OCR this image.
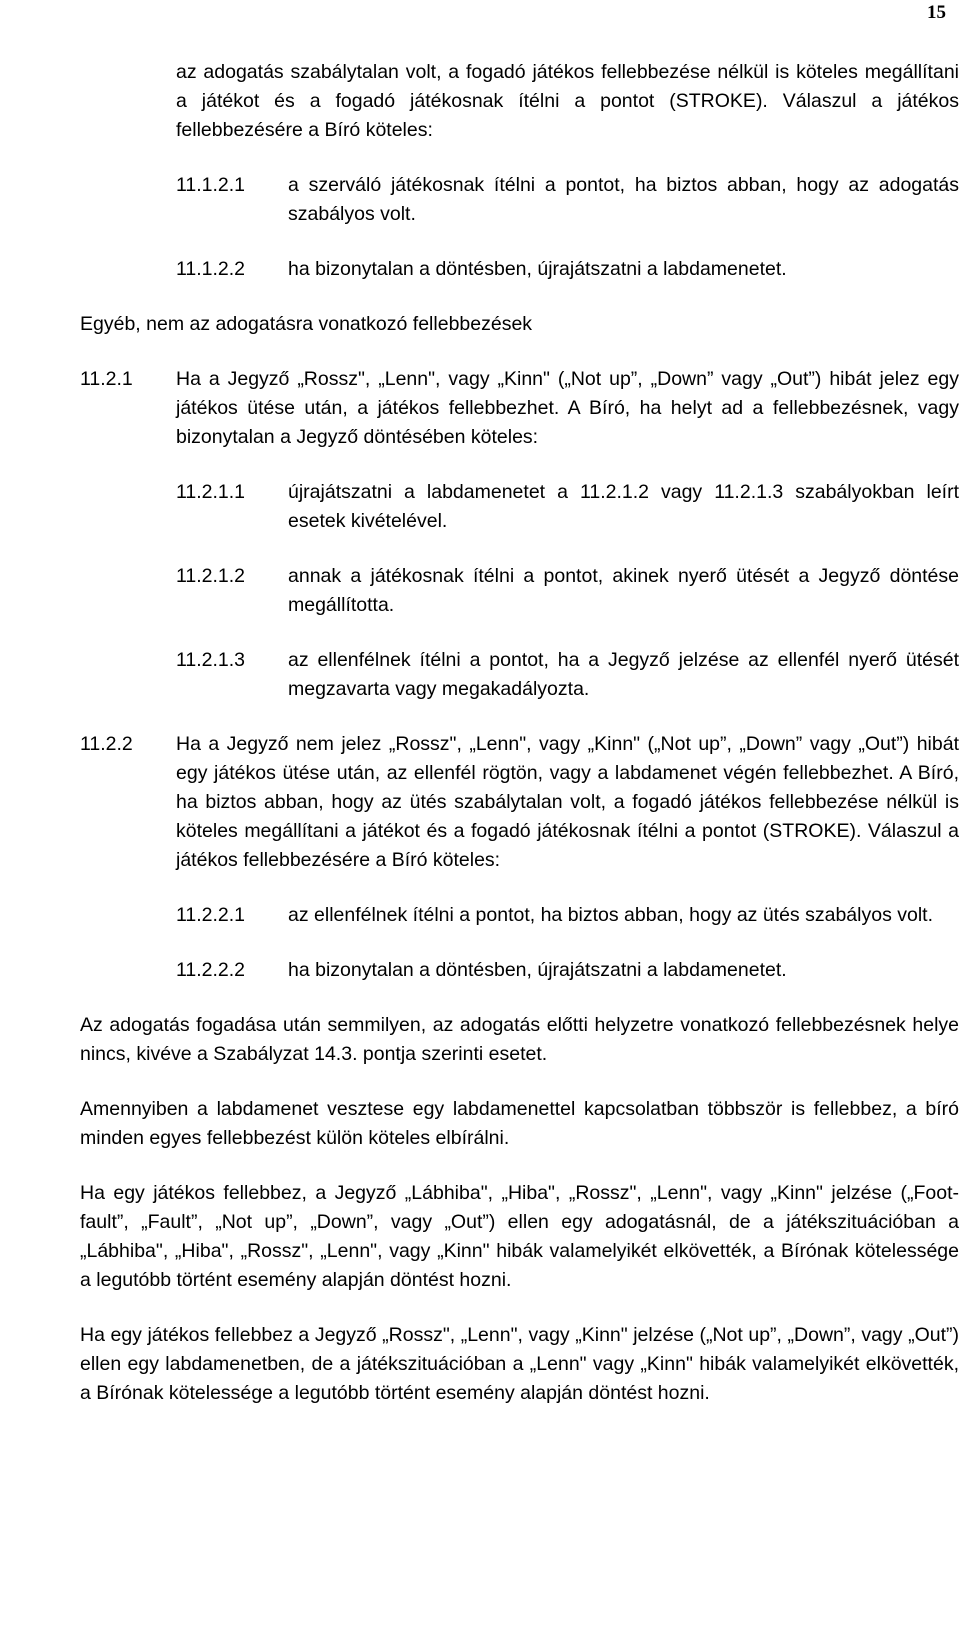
15
az adogatás szabálytalan volt, a fogadó játékos fellebbezése nélkül is köteles megállítani a játékot és a fogadó játékosnak ítélni a pontot (STROKE). Válaszul a játékos fellebbezésére a Bíró köteles:
11.1.2.1 a szerváló játékosnak ítélni a pontot, ha biztos abban, hogy az adogatás szabályos volt.
11.1.2.2 ha bizonytalan a döntésben, újrajátszatni a labdamenetet.
Egyéb, nem az adogatásra vonatkozó fellebbezések
11.2.1 Ha a Jegyző „Rossz", „Lenn", vagy „Kinn" („Not up”, „Down” vagy „Out”) hibát jelez egy játékos ütése után, a játékos fellebbezhet. A Bíró, ha helyt ad a fellebbezésnek, vagy bizonytalan a Jegyző döntésében köteles:
11.2.1.1 újrajátszatni a labdamenetet a 11.2.1.2 vagy 11.2.1.3 szabályokban leírt esetek kivételével.
11.2.1.2 annak a játékosnak ítélni a pontot, akinek nyerő ütését a Jegyző döntése megállította.
11.2.1.3 az ellenfélnek ítélni a pontot, ha a Jegyző jelzése az ellenfél nyerő ütését megzavarta vagy megakadályozta.
11.2.2 Ha a Jegyző nem jelez „Rossz", „Lenn", vagy „Kinn" („Not up”, „Down” vagy „Out”) hibát egy játékos ütése után, az ellenfél rögtön, vagy a labdamenet végén fellebbezhet. A Bíró, ha biztos abban, hogy az ütés szabálytalan volt, a fogadó játékos fellebbezése nélkül is köteles megállítani a játékot és a fogadó játékosnak ítélni a pontot (STROKE). Válaszul a játékos fellebbezésére a Bíró köteles:
11.2.2.1 az ellenfélnek ítélni a pontot, ha biztos abban, hogy az ütés szabályos volt.
11.2.2.2 ha bizonytalan a döntésben, újrajátszatni a labdamenetet.
Az adogatás fogadása után semmilyen, az adogatás előtti helyzetre vonatkozó fellebbezésnek helye nincs, kivéve a Szabályzat 14.3. pontja szerinti esetet.
Amennyiben a labdamenet vesztese egy labdamenettel kapcsolatban többször is fellebbez, a bíró minden egyes fellebbezést külön köteles elbírálni.
Ha egy játékos fellebbez, a Jegyző „Lábhiba", „Hiba", „Rossz", „Lenn", vagy „Kinn" jelzése („Foot-fault”, „Fault”, „Not up”, „Down”, vagy „Out”) ellen egy adogatásnál, de a játékszituációban a „Lábhiba", „Hiba", „Rossz", „Lenn", vagy „Kinn" hibák valamelyikét elkövették, a Bírónak kötelessége a legutóbb történt esemény alapján döntést hozni.
Ha egy játékos fellebbez a Jegyző „Rossz", „Lenn", vagy „Kinn" jelzése („Not up”, „Down”, vagy „Out”) ellen egy labdamenetben, de a játékszituációban a „Lenn" vagy „Kinn" hibák valamelyikét elkövették, a Bírónak kötelessége a legutóbb történt esemény alapján döntést hozni.
